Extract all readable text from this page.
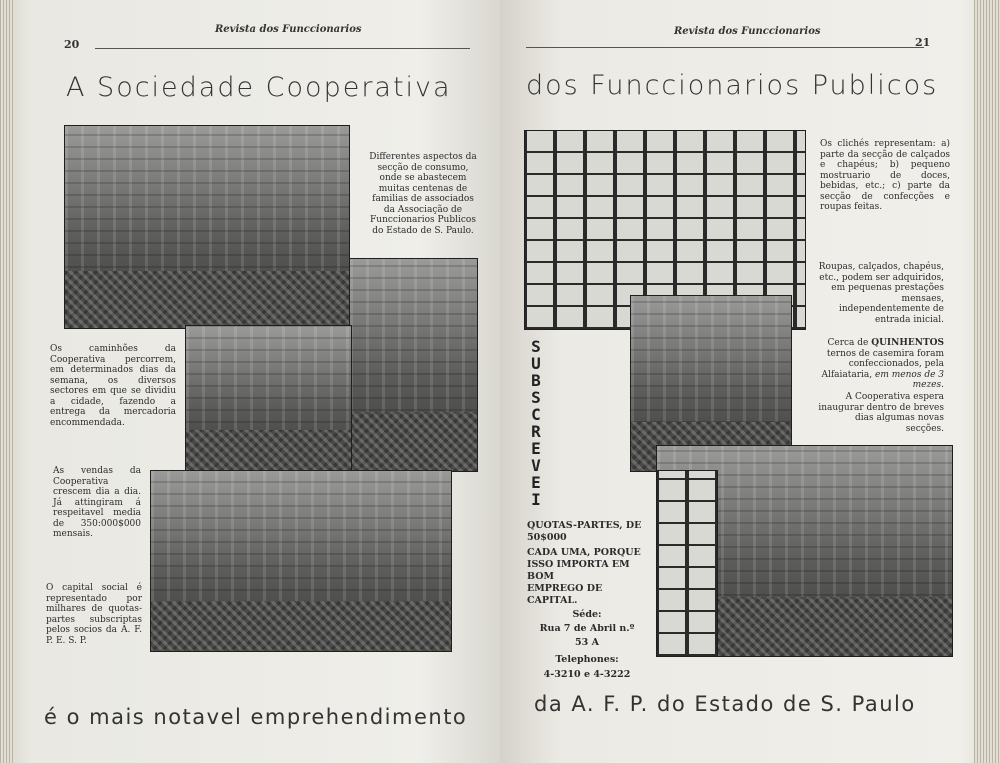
20
Revista dos Funccionarios
A Sociedade Cooperativa
Differentes aspectos da secção de consumo, onde se abastecem muitas centenas de familias de associados da Associação de Funccionarios Publicos do Estado de S. Paulo.
Os caminhões da Cooperativa percorrem, em determinados dias da semana, os diversos sectores em que se dividiu a cidade, fazendo a entrega da mercadoria encommendada.
As vendas da Cooperativa crescem dia a dia. Já attingiram á respeitavel media de 350:000$000 mensais.
O capital social é representado por milhares de quotas-partes subscriptas pelos socios da A. F. P. E. S. P.
é o mais notavel emprehendimento
Revista dos Funccionarios
21
dos Funccionarios Publicos
Os clichés representam: a) parte da secção de calçados e chapéus; b) pequeno mostruario de doces, bebidas, etc.; c) parte da secção de confecções e roupas feitas.
Roupas, calçados, chapéus, etc., podem ser adquiridos, em pequenas prestações mensaes, independentemente de entrada inicial.
Cerca de QUINHENTOS ternos de casemira foram confeccionados, pela Alfaiataria, em menos de 3 mezes.
A Cooperativa espera inaugurar dentro de breves dias algumas novas secções.
da A. F. P. do Estado de S. Paulo
S
U
B
S
C
R
E
V
E
I
QUOTAS-PARTES, DE
50$000
CADA UMA, PORQUE
ISSO IMPORTA EM BOM
EMPREGO DE CAPITAL.
Séde:
Rua 7 de Abril n.º
53 A
Telephones:
4-3210 e 4-3222
